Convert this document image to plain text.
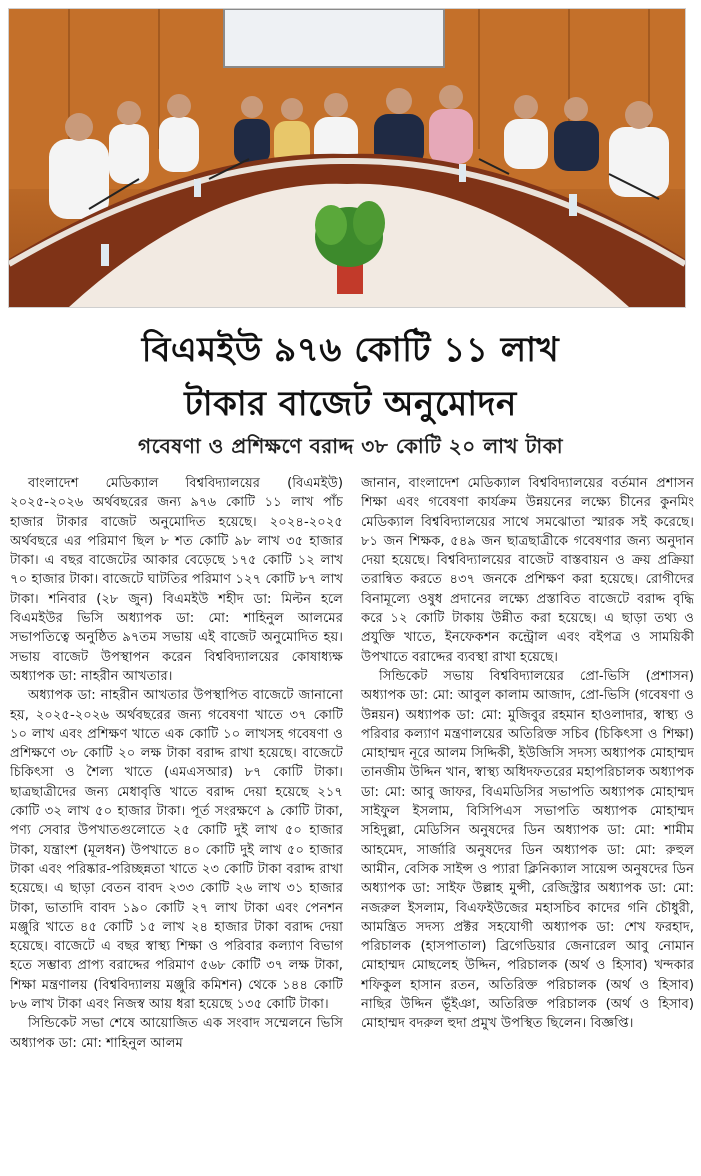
বিএমইউ ৯৭৬ কোটি ১১ লাখ
টাকার বাজেট অনুমোদন
গবেষণা ও প্রশিক্ষণে বরাদ্দ ৩৮ কোটি ২০ লাখ টাকা

বাংলাদেশ মেডিক্যাল বিশ্ববিদ্যালয়ের (বিএমইউ) ২০২৫-২০২৬ অর্থবছরের জন্য ৯৭৬ কোটি ১১ লাখ পাঁচ হাজার টাকার বাজেট অনুমোদিত হয়েছে। ২০২৪-২০২৫ অর্থবছরে এর পরিমাণ ছিল ৮ শত কোটি ৯৮ লাখ ৩৫ হাজার টাকা। এ বছর বাজেটের আকার বেড়েছে ১৭৫ কোটি ১২ লাখ ৭০ হাজার টাকা। বাজেটে ঘাটতির পরিমাণ ১২৭ কোটি ৮৭ লাখ টাকা। শনিবার (২৮ জুন) বিএমইউ শহীদ ডা: মিল্টন হলে বিএমইউর ভিসি অধ্যাপক ডা: মো: শাহিনুল আলমের সভাপতিত্বে অনুষ্ঠিত ৯৭তম সভায় এই বাজেট অনুমোদিত হয়। সভায় বাজেট উপস্থাপন করেন বিশ্ববিদ্যালয়ের কোষাধ্যক্ষ অধ্যাপক ডা: নাহরীন আখতার।

অধ্যাপক ডা: নাহরীন আখতার উপস্থাপিত বাজেটে জানানো হয়, ২০২৫-২০২৬ অর্থবছরের জন্য গবেষণা খাতে ৩৭ কোটি ১০ লাখ এবং প্রশিক্ষণ খাতে এক কোটি ১০ লাখসহ গবেষণা ও প্রশিক্ষণে ৩৮ কোটি ২০ লক্ষ টাকা বরাদ্দ রাখা হয়েছে। বাজেটে চিকিৎসা ও শৈল্য খাতে (এমএসআর) ৮৭ কোটি টাকা। ছাত্রছাত্রীদের জন্য মেধাবৃত্তি খাতে বরাদ্দ দেয়া হয়েছে ২১৭ কোটি ৩২ লাখ ৫০ হাজার টাকা। পূর্ত সংরক্ষণে ৯ কোটি টাকা, পণ্য সেবার উপখাতগুলোতে ২৫ কোটি দুই লাখ ৫০ হাজার টাকা, যন্ত্রাংশ (মূলধন) উপখাতে ৪০ কোটি দুই লাখ ৫০ হাজার টাকা এবং পরিষ্কার-পরিচ্ছন্নতা খাতে ২৩ কোটি টাকা বরাদ্দ রাখা হয়েছে। এ ছাড়া বেতন বাবদ ২৩৩ কোটি ২৬ লাখ ৩১ হাজার টাকা, ভাতাদি বাবদ ১৯০ কোটি ২৭ লাখ টাকা এবং পেনশন মঞ্জুরি খাতে ৪৫ কোটি ১৫ লাখ ২৪ হাজার টাকা বরাদ্দ দেয়া হয়েছে। বাজেটে এ বছর স্বাস্থ্য শিক্ষা ও পরিবার কল্যাণ বিভাগ হতে সম্ভাব্য প্রাপ্য বরাদ্দের পরিমাণ ৫৬৮ কোটি ৩৭ লক্ষ টাকা, শিক্ষা মন্ত্রণালয় (বিশ্ববিদ্যালয় মঞ্জুরি কমিশন) থেকে ১৪৪ কোটি ৮৬ লাখ টাকা এবং নিজস্ব আয় ধরা হয়েছে ১৩৫ কোটি টাকা।

সিন্ডিকেট সভা শেষে আয়োজিত এক সংবাদ সম্মেলনে ভিসি অধ্যাপক ডা: মো: শাহিনুল আলম

জানান, বাংলাদেশ মেডিক্যাল বিশ্ববিদ্যালয়ের বর্তমান প্রশাসন শিক্ষা এবং গবেষণা কার্যক্রম উন্নয়নের লক্ষ্যে চীনের কুনমিং মেডিক্যাল বিশ্ববিদ্যালয়ের সাথে সমঝোতা স্মারক সই করেছে। ৮১ জন শিক্ষক, ৫৪৯ জন ছাত্রছাত্রীকে গবেষণার জন্য অনুদান দেয়া হয়েছে। বিশ্ববিদ্যালয়ের বাজেট বাস্তবায়ন ও ক্রয় প্রক্রিয়া তরান্বিত করতে ৪৩৭ জনকে প্রশিক্ষণ করা হয়েছে। রোগীদের বিনামূল্যে ওষুধ প্রদানের লক্ষ্যে প্রস্তাবিত বাজেটে বরাদ্দ বৃদ্ধি করে ১২ কোটি টাকায় উন্নীত করা হয়েছে। এ ছাড়া তথ্য ও প্রযুক্তি খাতে, ইনফেকশন কন্ট্রোল এবং বইপত্র ও সাময়িকী উপখাতে বরাদ্দের ব্যবস্থা রাখা হয়েছে।

সিন্ডিকেট সভায় বিশ্ববিদ্যালয়ের প্রো-ভিসি (প্রশাসন) অধ্যাপক ডা: মো: আবুল কালাম আজাদ, প্রো-ভিসি (গবেষণা ও উন্নয়ন) অধ্যাপক ডা: মো: মুজিবুর রহমান হাওলাদার, স্বাস্থ্য ও পরিবার কল্যাণ মন্ত্রণালয়ের অতিরিক্ত সচিব (চিকিৎসা ও শিক্ষা) মোহাম্মদ নূরে আলম সিদ্দিকী, ইউজিসি সদস্য অধ্যাপক মোহাম্মদ তানজীম উদ্দিন খান, স্বাস্থ্য অধিদফতরের মহাপরিচালক অধ্যাপক ডা: মো: আবু জাফর, বিএমডিসির সভাপতি অধ্যাপক মোহাম্মদ সাইফুল ইসলাম, বিসিপিএস সভাপতি অধ্যাপক মোহাম্মদ সহিদুল্লা, মেডিসিন অনুষদের ডিন অধ্যাপক ডা: মো: শামীম আহমেদ, সার্জারি অনুষদের ডিন অধ্যাপক ডা: মো: রুহুল আমীন, বেসিক সাইন্স ও প্যারা ক্লিনিক্যাল সায়েন্স অনুষদের ডিন অধ্যাপক ডা: সাইফ উল্লাহ মুন্সী, রেজিস্ট্রার অধ্যাপক ডা: মো: নজরুল ইসলাম, বিএফইউজের মহাসচিব কাদের গনি চৌধুরী, আমন্ত্রিত সদস্য প্রক্টর সহযোগী অধ্যাপক ডা: শেখ ফরহাদ, পরিচালক (হাসপাতাল) ব্রিগেডিয়ার জেনারেল আবু নোমান মোহাম্মদ মোছলেহ উদ্দিন, পরিচালক (অর্থ ও হিসাব) খন্দকার শফিকুল হাসান রতন, অতিরিক্ত পরিচালক (অর্থ ও হিসাব) নাছির উদ্দিন ভূঁইঞা, অতিরিক্ত পরিচালক (অর্থ ও হিসাব) মোহাম্মদ বদরুল হুদা প্রমুখ উপস্থিত ছিলেন। বিজ্ঞপ্তি।
